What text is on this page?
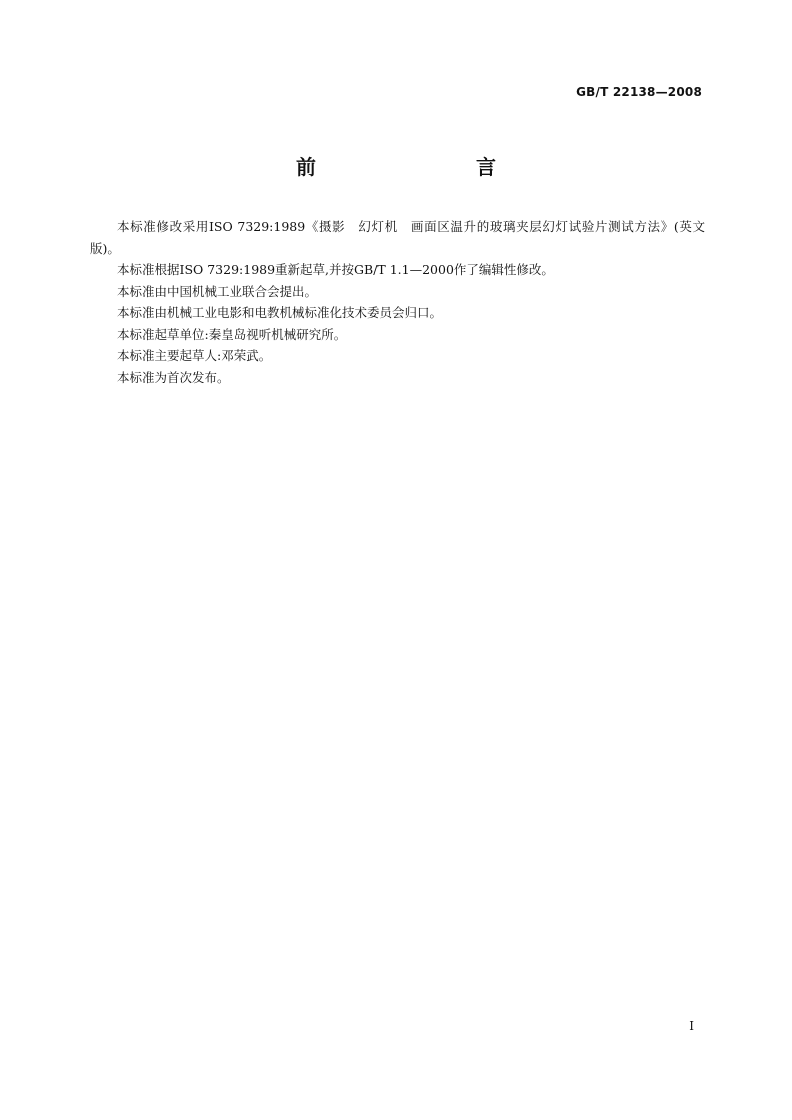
GB/T 22138—2008
前　　言

本标准修改采用ISO 7329:1989《摄影　幻灯机　画面区温升的玻璃夹层幻灯试验片测试方法》(英文版)。

本标准根据ISO 7329:1989重新起草,并按GB/T 1.1—2000作了编辑性修改。

本标准由中国机械工业联合会提出。

本标准由机械工业电影和电教机械标准化技术委员会归口。

本标准起草单位:秦皇岛视听机械研究所。

本标准主要起草人:邓荣武。

本标准为首次发布。

I
